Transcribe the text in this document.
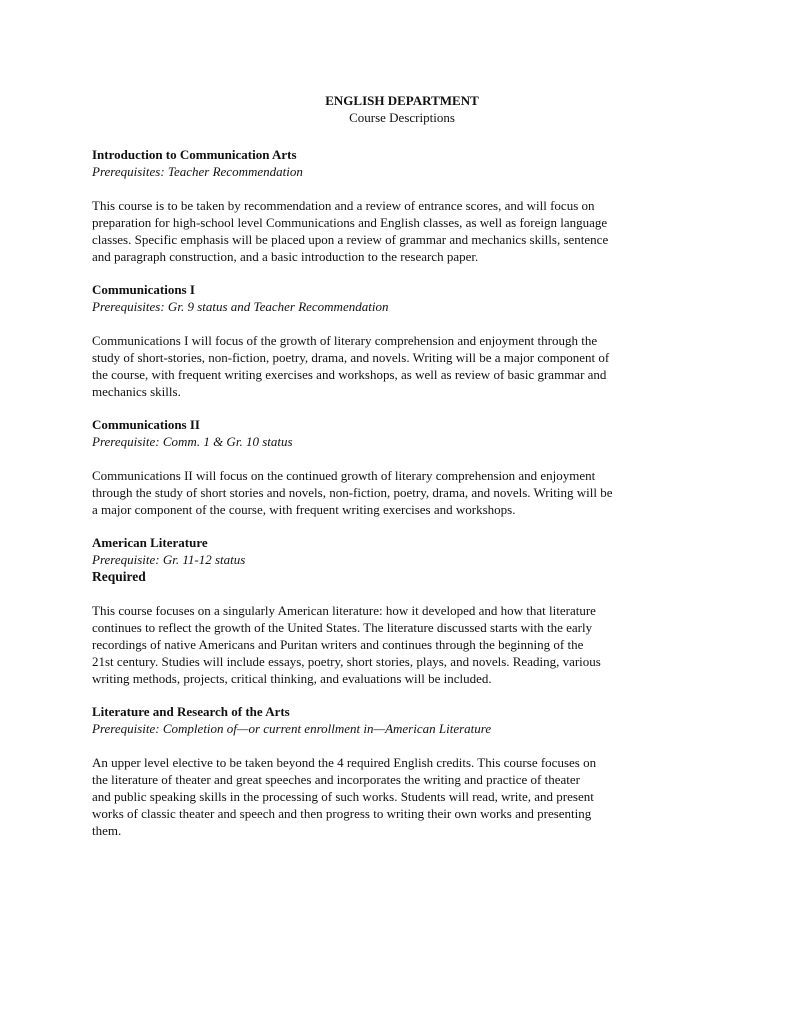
ENGLISH DEPARTMENT
Course Descriptions
Introduction to Communication Arts
Prerequisites: Teacher Recommendation
This course is to be taken by recommendation and a review of entrance scores, and will focus on
preparation for high-school level Communications and English classes, as well as foreign language
classes. Specific emphasis will be placed upon a review of grammar and mechanics skills, sentence
and paragraph construction, and a basic introduction to the research paper.
Communications I
Prerequisites: Gr. 9 status and Teacher Recommendation
Communications I will focus of the growth of literary comprehension and enjoyment through the
study of short-stories, non-fiction, poetry, drama, and novels. Writing will be a major component of
the course, with frequent writing exercises and workshops, as well as review of basic grammar and
mechanics skills.
Communications II
Prerequisite: Comm. 1 & Gr. 10 status
Communications II will focus on the continued growth of literary comprehension and enjoyment
through the study of short stories and novels, non-fiction, poetry, drama, and novels. Writing will be
a major component of the course, with frequent writing exercises and workshops.
American Literature
Prerequisite: Gr. 11-12 status
Required
This course focuses on a singularly American literature: how it developed and how that literature
continues to reflect the growth of the United States. The literature discussed starts with the early
recordings of native Americans and Puritan writers and continues through the beginning of the
21st century. Studies will include essays, poetry, short stories, plays, and novels. Reading, various
writing methods, projects, critical thinking, and evaluations will be included.
Literature and Research of the Arts
Prerequisite: Completion of—or current enrollment in—American Literature
An upper level elective to be taken beyond the 4 required English credits. This course focuses on
the literature of theater and great speeches and incorporates the writing and practice of theater
and public speaking skills in the processing of such works. Students will read, write, and present
works of classic theater and speech and then progress to writing their own works and presenting
them.
